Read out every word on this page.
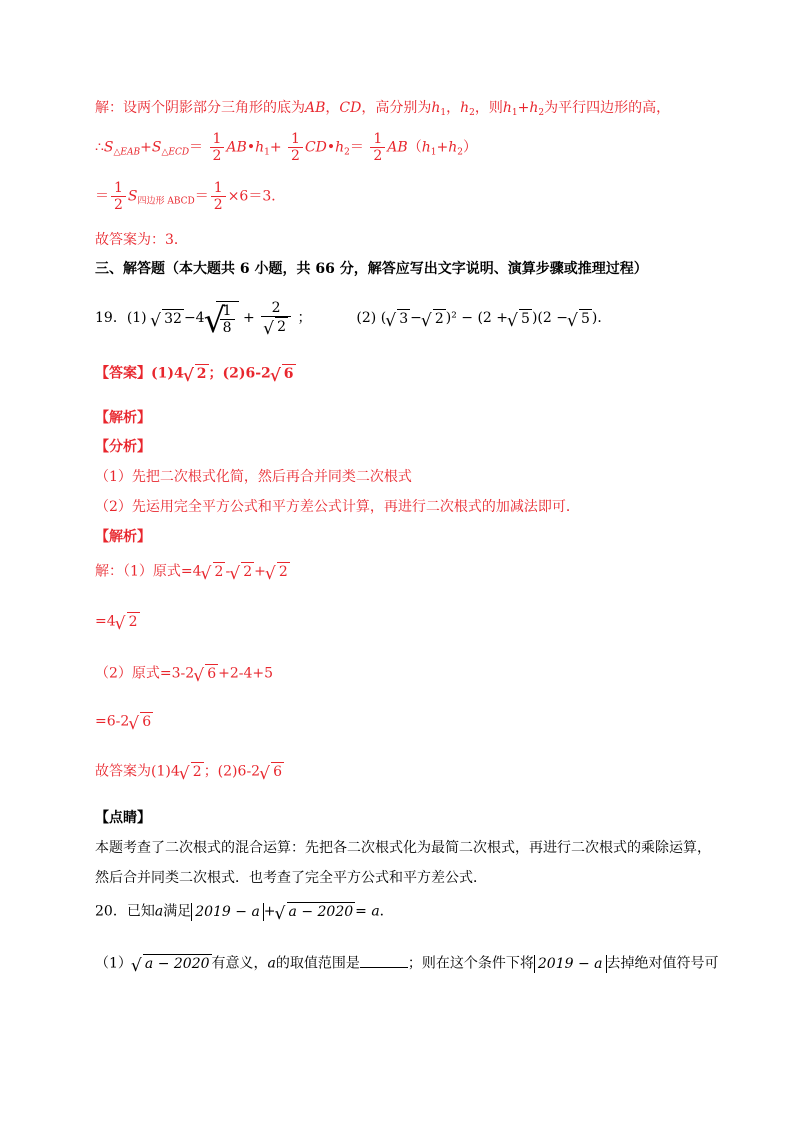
解：设两个阴影部分三角形的底为AB，CD，高分别为$h_1$，$h_2$，则$h_1+h_2$为平行四边形的高，
$\therefore S_{\triangle EAB}+S_{\triangle ECD}= \frac{1}{2}$ $AB•h_1+ \frac{1}{2}$ $CD•h_2= \frac{1}{2} AB(h_1+h_2)$
＝ $\frac{1}{2} S_{四边形 ABCD}= \frac{1}{2} \times 6=3$．
故答案为：3．
三、解答题（本大题共 6 小题，共 66 分，解答应写出文字说明、演算步骤或推理过程）
19．(1) √ 32 −4 √ $\frac{1}{8} + 2$
√ 2 ；	(2) ( √ 3 − √ 2 )² − (2 + √ 5 )(2 − √ 5 )．
【答案】(1)4 √ 2 ；(2)6-2 √ 6
【解析】
【分析】
（1）先把二次根式化简，然后再合并同类二次根式
（2）先运用完全平方公式和平方差公式计算，再进行二次根式的加减法即可．
【解析】
解：（1）原式=4 √ 2 - √ 2 + √ 2
=4 √ 2
（2）原式=3-2 √ 6 +2-4+5
=6-2 √ 6
故答案为(1)4 √ 2 ；(2)6-2 √ 6
【点睛】
本题考查了二次根式的混合运算：先把各二次根式化为最简二次根式，再进行二次根式的乘除运算，
然后合并同类二次根式．也考查了完全平方公式和平方差公式．
20．已知a满足 2019 − a + √ a − 2020 = a．
（1） √ a − 2020 有意义，a的取值范围是	；则在这个条件下将 2019 − a 去掉绝对值符号可
